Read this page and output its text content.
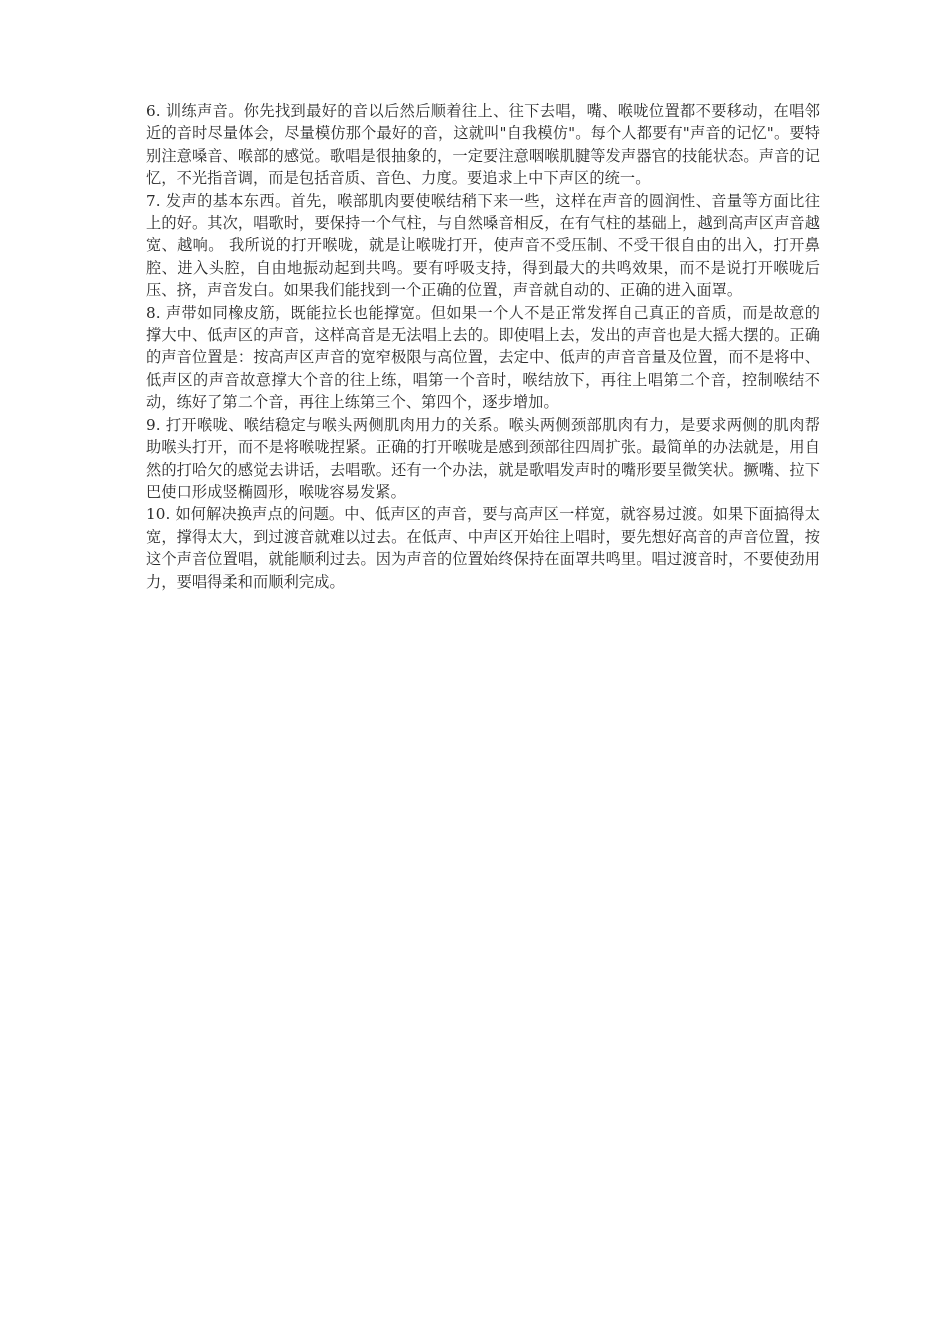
6. 训练声音。你先找到最好的音以后然后顺着往上、往下去唱，嘴、喉咙位置都不要移动，在唱邻近的音时尽量体会，尽量模仿那个最好的音，这就叫"自我模仿"。每个人都要有"声音的记忆"。要特别注意嗓音、喉部的感觉。歌唱是很抽象的，一定要注意咽喉肌腱等发声器官的技能状态。声音的记忆，不光指音调，而是包括音质、音色、力度。要追求上中下声区的统一。

7. 发声的基本东西。首先，喉部肌肉要使喉结稍下来一些，这样在声音的圆润性、音量等方面比往上的好。其次，唱歌时，要保持一个气柱，与自然嗓音相反，在有气柱的基础上，越到高声区声音越宽、越响。 我所说的打开喉咙，就是让喉咙打开，使声音不受压制、不受干很自由的出入，打开鼻腔、进入头腔，自由地振动起到共鸣。要有呼吸支持，得到最大的共鸣效果，而不是说打开喉咙后压、挤，声音发白。如果我们能找到一个正确的位置，声音就自动的、正确的进入面罩。

8. 声带如同橡皮筋，既能拉长也能撑宽。但如果一个人不是正常发挥自己真正的音质，而是故意的撑大中、低声区的声音，这样高音是无法唱上去的。即使唱上去，发出的声音也是大摇大摆的。正确的声音位置是：按高声区声音的宽窄极限与高位置，去定中、低声的声音音量及位置，而不是将中、低声区的声音故意撑大个音的往上练，唱第一个音时，喉结放下，再往上唱第二个音，控制喉结不动，练好了第二个音，再往上练第三个、第四个，逐步增加。

9. 打开喉咙、喉结稳定与喉头两侧肌肉用力的关系。喉头两侧颈部肌肉有力，是要求两侧的肌肉帮助喉头打开，而不是将喉咙捏紧。正确的打开喉咙是感到颈部往四周扩张。最简单的办法就是，用自然的打哈欠的感觉去讲话，去唱歌。还有一个办法，就是歌唱发声时的嘴形要呈微笑状。撅嘴、拉下巴使口形成竖椭圆形，喉咙容易发紧。

10. 如何解决换声点的问题。中、低声区的声音，要与高声区一样宽，就容易过渡。如果下面搞得太宽，撑得太大，到过渡音就难以过去。在低声、中声区开始往上唱时，要先想好高音的声音位置，按这个声音位置唱，就能顺利过去。因为声音的位置始终保持在面罩共鸣里。唱过渡音时，不要使劲用力，要唱得柔和而顺利完成。
